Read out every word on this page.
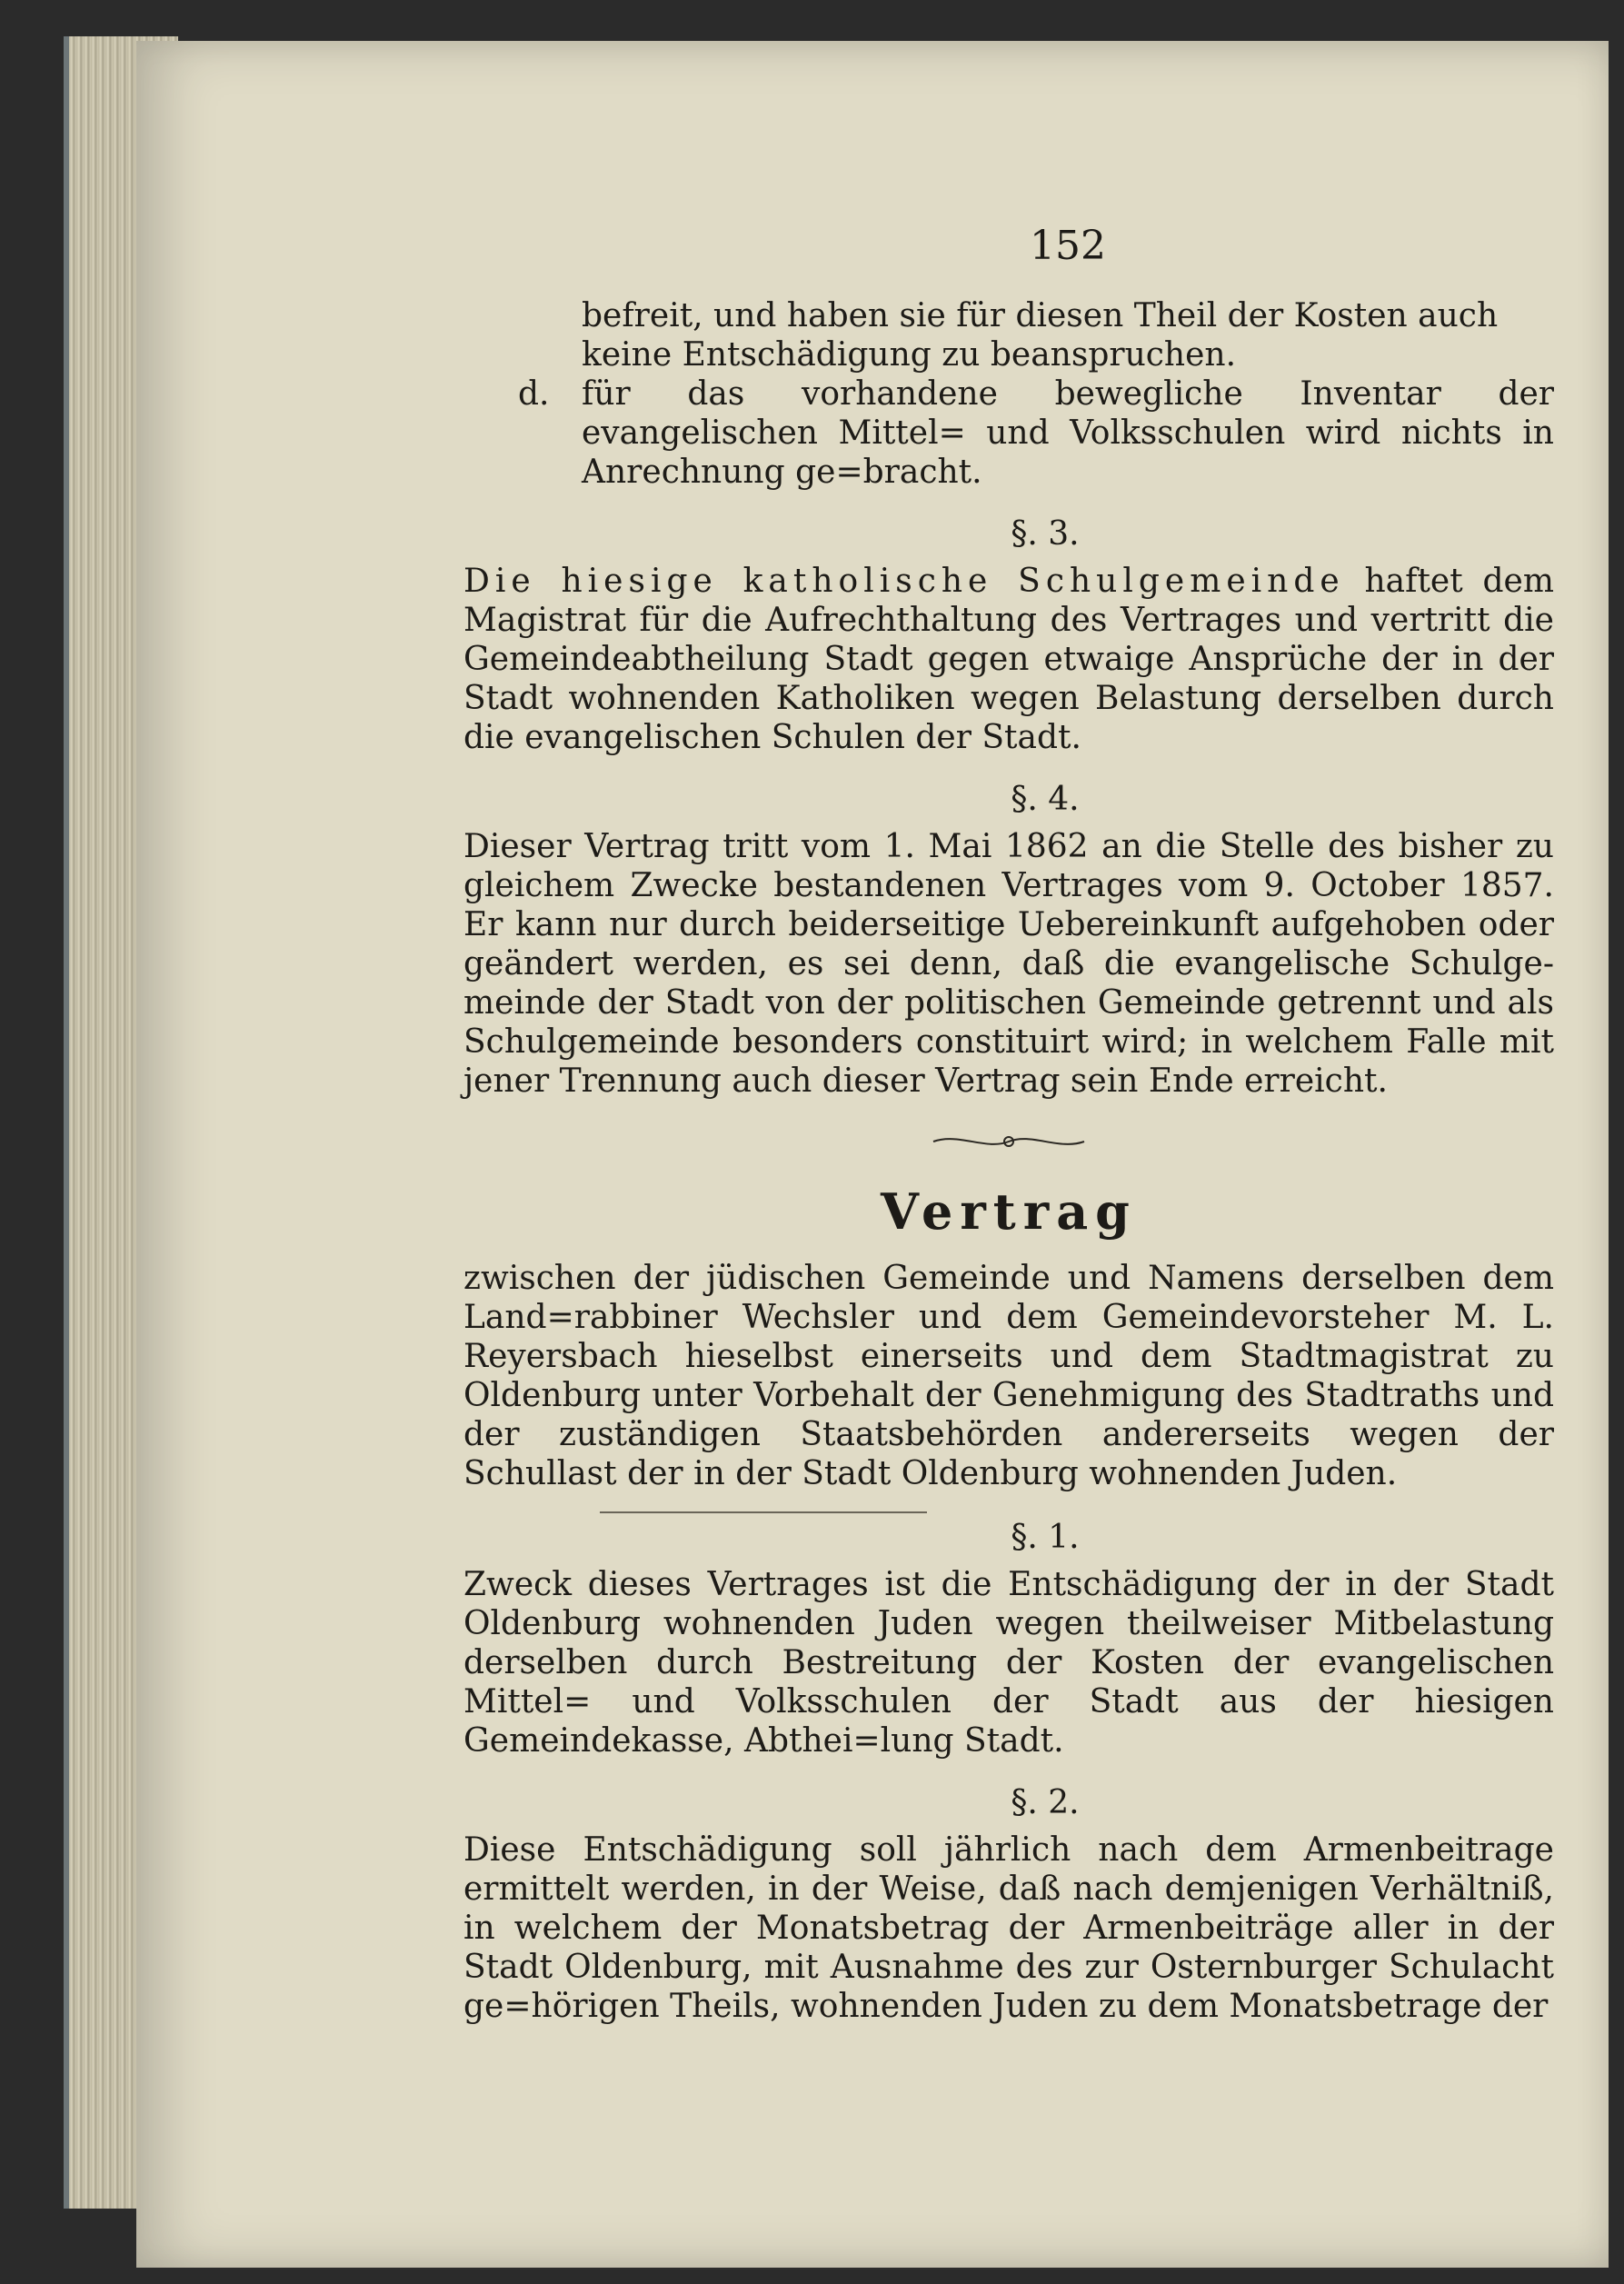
152

befreit, und haben sie für diesen Theil der Kosten auch

keine Entschädigung zu beanspruchen.

d. für das vorhandene bewegliche Inventar der evangelischen Mittel= und Volksschulen wird nichts in Anrechnung ge=bracht.

§. 3.

Die hiesige katholische Schulgemeinde haftet dem Magistrat für die Aufrechthaltung des Vertrages und vertritt die Gemeindeabtheilung Stadt gegen etwaige Ansprüche der in der Stadt wohnenden Katholiken wegen Belastung derselben durch die evangelischen Schulen der Stadt.

§. 4.

Dieser Vertrag tritt vom 1. Mai 1862 an die Stelle des bisher zu gleichem Zwecke bestandenen Vertrages vom 9. October 1857. Er kann nur durch beiderseitige Uebereinkunft aufgehoben oder geändert werden, es sei denn, daß die evangelische Schulge-meinde der Stadt von der politischen Gemeinde getrennt und als Schulgemeinde besonders constituirt wird; in welchem Falle mit jener Trennung auch dieser Vertrag sein Ende erreicht.

Vertrag

zwischen der jüdischen Gemeinde und Namens derselben dem Land=rabbiner Wechsler und dem Gemeindevorsteher M. L. Reyersbach hieselbst einerseits und dem Stadtmagistrat zu Oldenburg unter Vorbehalt der Genehmigung des Stadtraths und der zuständigen Staatsbehörden andererseits wegen der Schullast der in der Stadt Oldenburg wohnenden Juden.

§. 1.

Zweck dieses Vertrages ist die Entschädigung der in der Stadt Oldenburg wohnenden Juden wegen theilweiser Mitbelastung derselben durch Bestreitung der Kosten der evangelischen Mittel= und Volksschulen der Stadt aus der hiesigen Gemeindekasse, Abthei=lung Stadt.

§. 2.

Diese Entschädigung soll jährlich nach dem Armenbeitrage ermittelt werden, in der Weise, daß nach demjenigen Verhältniß, in welchem der Monatsbetrag der Armenbeiträge aller in der Stadt Oldenburg, mit Ausnahme des zur Osternburger Schulacht ge=hörigen Theils, wohnenden Juden zu dem Monatsbetrage der
